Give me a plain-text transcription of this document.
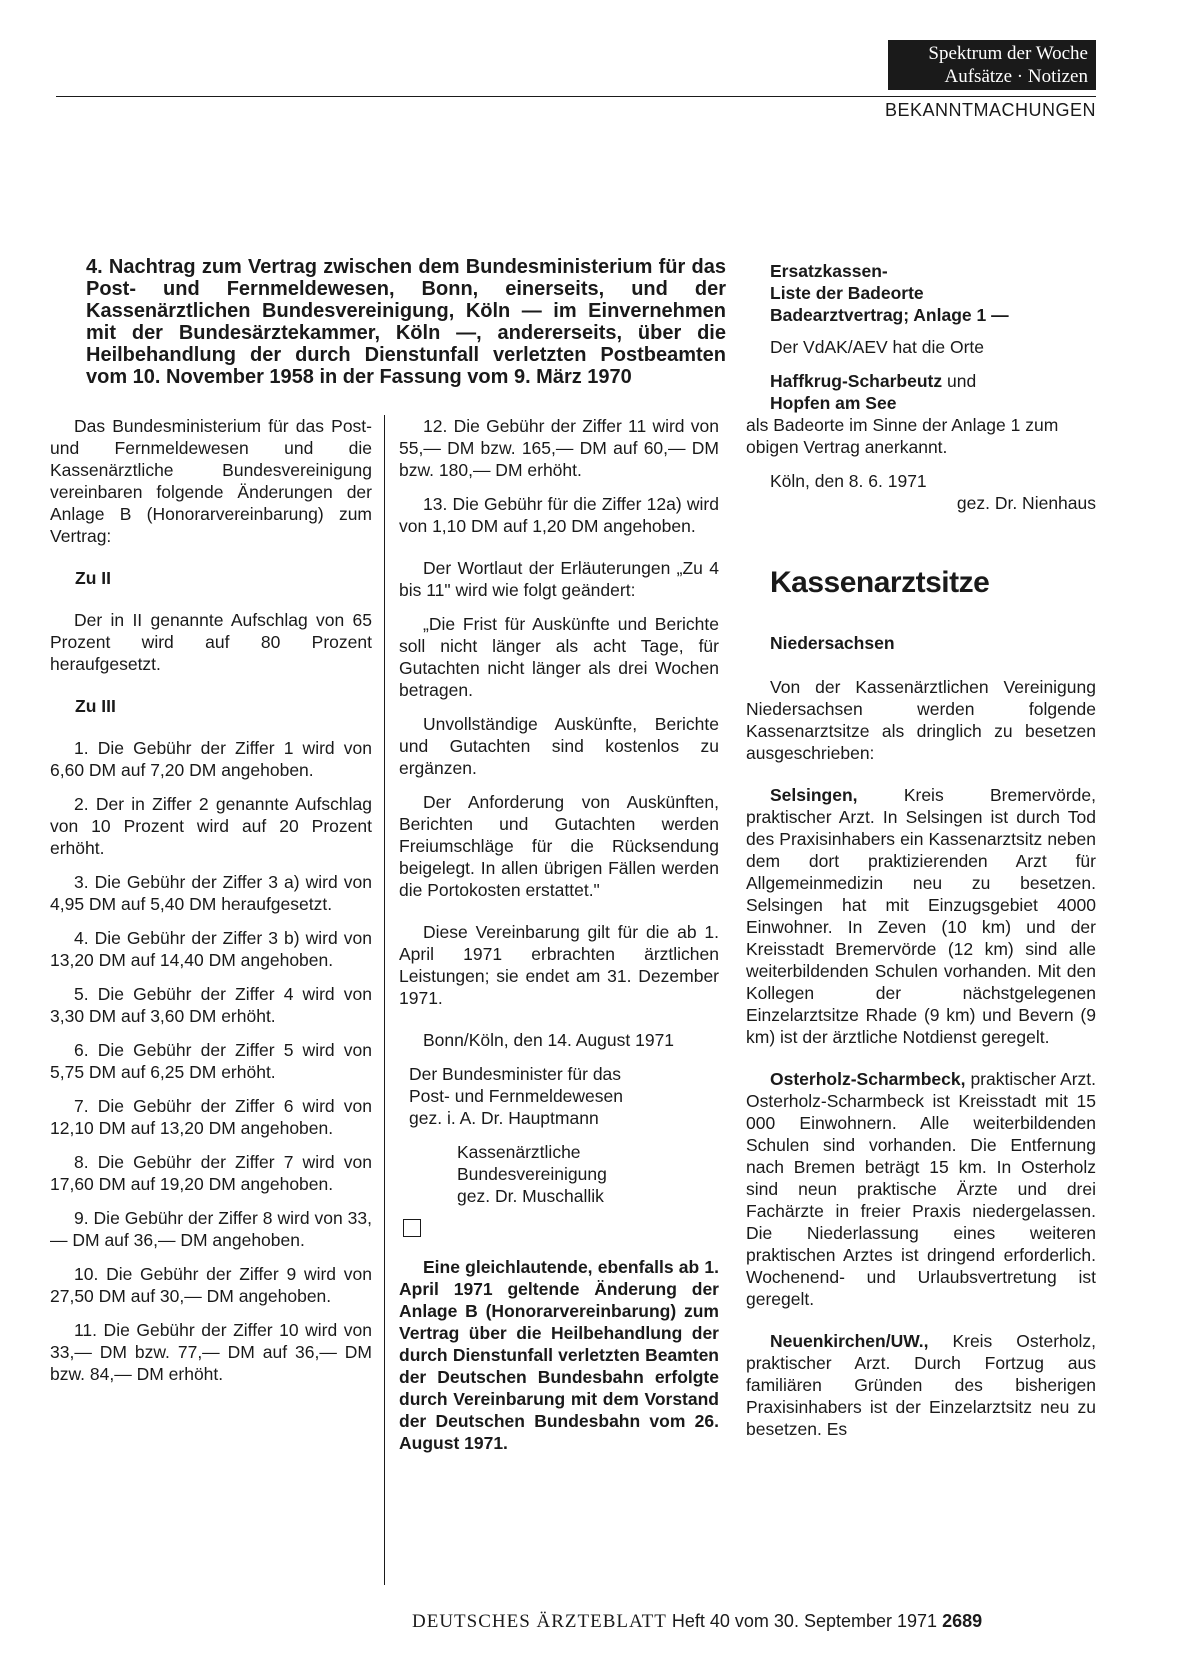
Spektrum der Woche
Aufsätze · Notizen
BEKANNTMACHUNGEN
4. Nachtrag zum Vertrag zwischen dem Bundesministerium für das Post- und Fernmeldewesen, Bonn, einerseits, und der Kassenärztlichen Bundesvereinigung, Köln — im Einvernehmen mit der Bundesärztekammer, Köln —, andererseits, über die Heilbehandlung der durch Dienstunfall verletzten Postbeamten vom 10. November 1958 in der Fassung vom 9. März 1970

Das Bundesministerium für das Post- und Fernmeldewesen und die Kassenärztliche Bundesvereinigung vereinbaren folgende Änderungen der Anlage B (Honorarvereinbarung) zum Vertrag:

Zu II

Der in II genannte Aufschlag von 65 Prozent wird auf 80 Prozent heraufgesetzt.

Zu III

1. Die Gebühr der Ziffer 1 wird von 6,60 DM auf 7,20 DM angehoben.

2. Der in Ziffer 2 genannte Aufschlag von 10 Prozent wird auf 20 Prozent erhöht.

3. Die Gebühr der Ziffer 3 a) wird von 4,95 DM auf 5,40 DM heraufgesetzt.

4. Die Gebühr der Ziffer 3 b) wird von 13,20 DM auf 14,40 DM angehoben.

5. Die Gebühr der Ziffer 4 wird von 3,30 DM auf 3,60 DM erhöht.

6. Die Gebühr der Ziffer 5 wird von 5,75 DM auf 6,25 DM erhöht.

7. Die Gebühr der Ziffer 6 wird von 12,10 DM auf 13,20 DM angehoben.

8. Die Gebühr der Ziffer 7 wird von 17,60 DM auf 19,20 DM angehoben.

9. Die Gebühr der Ziffer 8 wird von 33,— DM auf 36,— DM angehoben.

10. Die Gebühr der Ziffer 9 wird von 27,50 DM auf 30,— DM angehoben.

11. Die Gebühr der Ziffer 10 wird von 33,— DM bzw. 77,— DM auf 36,— DM bzw. 84,— DM erhöht.

12. Die Gebühr der Ziffer 11 wird von 55,— DM bzw. 165,— DM auf 60,— DM bzw. 180,— DM erhöht.

13. Die Gebühr für die Ziffer 12a) wird von 1,10 DM auf 1,20 DM angehoben.

Der Wortlaut der Erläuterungen „Zu 4 bis 11" wird wie folgt geändert:

„Die Frist für Auskünfte und Berichte soll nicht länger als acht Tage, für Gutachten nicht länger als drei Wochen betragen.

Unvollständige Auskünfte, Berichte und Gutachten sind kostenlos zu ergänzen.

Der Anforderung von Auskünften, Berichten und Gutachten werden Freiumschläge für die Rücksendung beigelegt. In allen übrigen Fällen werden die Portokosten erstattet."

Diese Vereinbarung gilt für die ab 1. April 1971 erbrachten ärztlichen Leistungen; sie endet am 31. Dezember 1971.

Bonn/Köln, den 14. August 1971

Der Bundesminister für das
Post- und Fernmeldewesen
gez. i. A. Dr. Hauptmann
Kassenärztliche
Bundesvereinigung
gez. Dr. Muschallik

Eine gleichlautende, ebenfalls ab 1. April 1971 geltende Änderung der Anlage B (Honorarvereinbarung) zum Vertrag über die Heilbehandlung der durch Dienstunfall verletzten Beamten der Deutschen Bundesbahn erfolgte durch Vereinbarung mit dem Vorstand der Deutschen Bundesbahn vom 26. August 1971.

Ersatzkassen-
Liste der Badeorte
Badearztvertrag; Anlage 1 —

Der VdAK/AEV hat die Orte

Haffkrug-Scharbeutz und
Hopfen am See

als Badeorte im Sinne der Anlage 1 zum obigen Vertrag anerkannt.

Köln, den 8. 6. 1971
gez. Dr. Nienhaus
Kassenarztsitze
Niedersachsen

Von der Kassenärztlichen Vereinigung Niedersachsen werden folgende Kassenarztsitze als dringlich zu besetzen ausgeschrieben:

Selsingen, Kreis Bremervörde, praktischer Arzt. In Selsingen ist durch Tod des Praxisinhabers ein Kassenarztsitz neben dem dort praktizierenden Arzt für Allgemeinmedizin neu zu besetzen. Selsingen hat mit Einzugsgebiet 4000 Einwohner. In Zeven (10 km) und der Kreisstadt Bremervörde (12 km) sind alle weiterbildenden Schulen vorhanden. Mit den Kollegen der nächstgelegenen Einzelarztsitze Rhade (9 km) und Bevern (9 km) ist der ärztliche Notdienst geregelt.

Osterholz-Scharmbeck, praktischer Arzt. Osterholz-Scharmbeck ist Kreisstadt mit 15 000 Einwohnern. Alle weiterbildenden Schulen sind vorhanden. Die Entfernung nach Bremen beträgt 15 km. In Osterholz sind neun praktische Ärzte und drei Fachärzte in freier Praxis niedergelassen. Die Niederlassung eines weiteren praktischen Arztes ist dringend erforderlich. Wochenend- und Urlaubsvertretung ist geregelt.

Neuenkirchen/UW., Kreis Osterholz, praktischer Arzt. Durch Fortzug aus familiären Gründen des bisherigen Praxisinhabers ist der Einzelarztsitz neu zu besetzen. Es

DEUTSCHES ÄRZTEBLATT Heft 40 vom 30. September 1971 2689
